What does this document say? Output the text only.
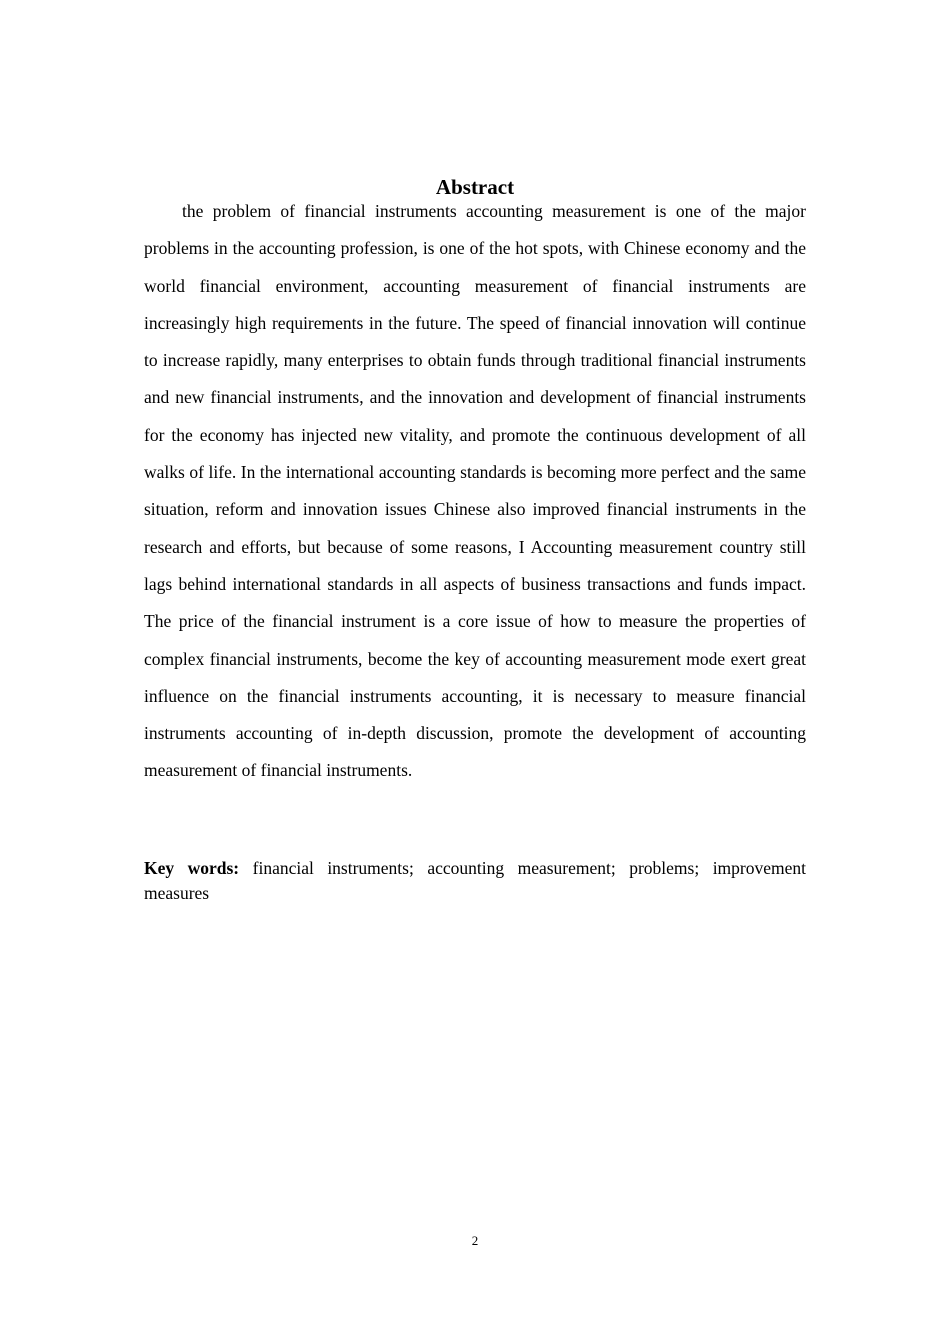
Abstract

the problem of financial instruments accounting measurement is one of the major problems in the accounting profession, is one of the hot spots, with Chinese economy and the world financial environment, accounting measurement of financial instruments are increasingly high requirements in the future. The speed of financial innovation will continue to increase rapidly, many enterprises to obtain funds through traditional financial instruments and new financial instruments, and the innovation and development of financial instruments for the economy has injected new vitality, and promote the continuous development of all walks of life. In the international accounting standards is becoming more perfect and the same situation, reform and innovation issues Chinese also improved financial instruments in the research and efforts, but because of some reasons, I Accounting measurement country still lags behind international standards in all aspects of business transactions and funds impact. The price of the financial instrument is a core issue of how to measure the properties of complex financial instruments, become the key of accounting measurement mode exert great influence on the financial instruments accounting, it is necessary to measure financial instruments accounting of in-depth discussion, promote the development of accounting measurement of financial instruments.

Key words: financial instruments; accounting measurement; problems; improvement measures

2
